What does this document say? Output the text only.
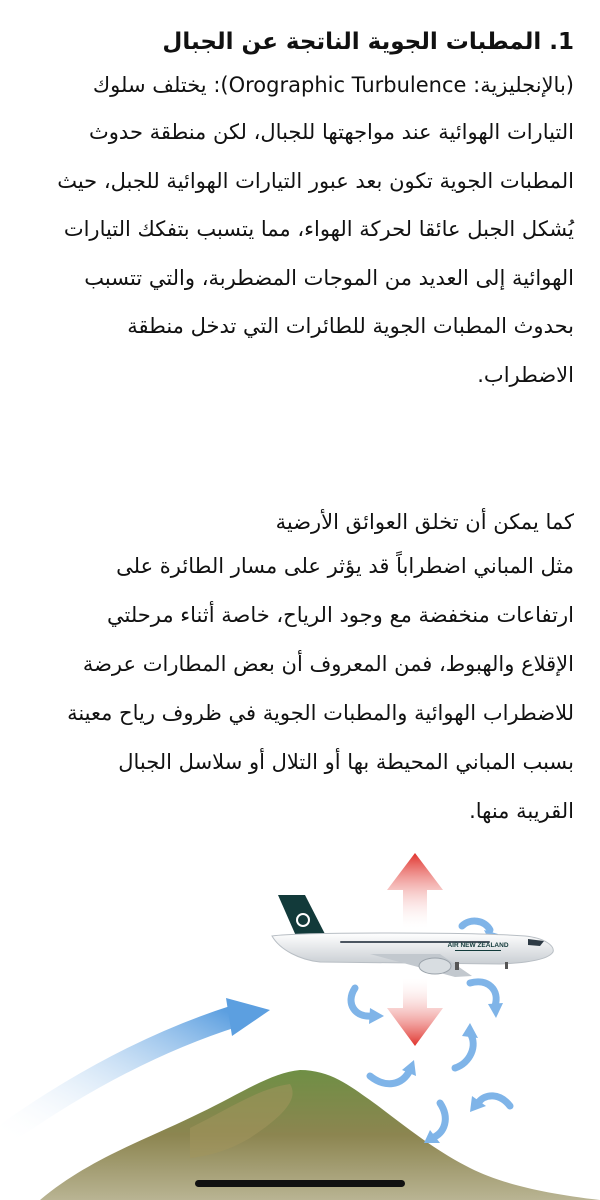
1. المطبات الجوية الناتجة عن الجبال

(بالإنجليزية: Orographic Turbulence): يختلف سلوك

التيارات الهوائية عند مواجهتها للجبال، لكن منطقة حدوث

المطبات الجوية تكون بعد عبور التيارات الهوائية للجبل، حيث

يُشكل الجبل عائقا لحركة الهواء، مما يتسبب بتفكك التيارات

الهوائية إلى العديد من الموجات المضطربة، والتي تتسبب

بحدوث المطبات الجوية للطائرات التي تدخل منطقة

الاضطراب.

كما يمكن أن تخلق العوائق الأرضية

مثل المباني اضطراباً قد يؤثر على مسار الطائرة على

ارتفاعات منخفضة مع وجود الرياح، خاصة أثناء مرحلتي

الإقلاع والهبوط، فمن المعروف أن بعض المطارات عرضة

للاضطراب الهوائية والمطبات الجوية في ظروف رياح معينة

بسبب المباني المحيطة بها أو التلال أو سلاسل الجبال

القريبة منها.

AIR NEW ZEALAND
